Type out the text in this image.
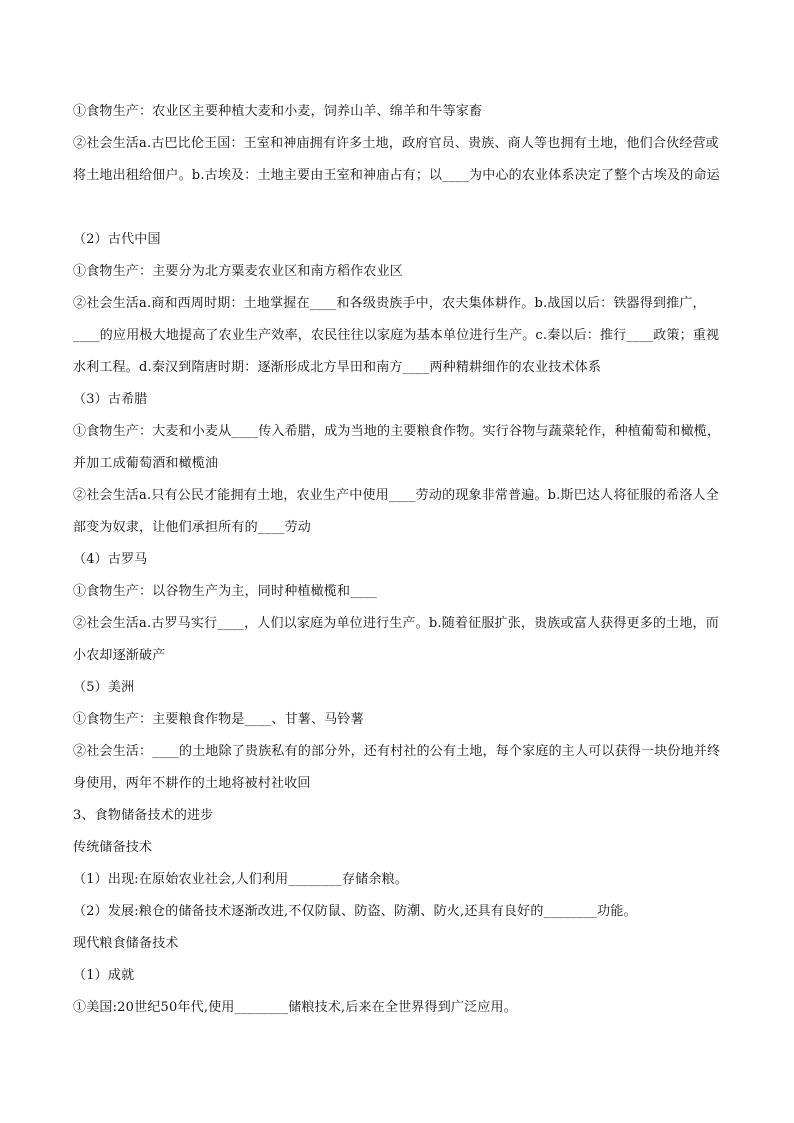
①食物生产：农业区主要种植大麦和小麦，饲养山羊、绵羊和牛等家畜

②社会生活a.古巴比伦王国：王室和神庙拥有许多土地，政府官员、贵族、商人等也拥有土地，他们合伙经营或将土地出租给佃户。b.古埃及：土地主要由王室和神庙占有；以____为中心的农业体系决定了整个古埃及的命运

（2）古代中国

①食物生产：主要分为北方粟麦农业区和南方稻作农业区

②社会生活a.商和西周时期：土地掌握在____和各级贵族手中，农夫集体耕作。b.战国以后：铁器得到推广，____的应用极大地提高了农业生产效率，农民往往以家庭为基本单位进行生产。c.秦以后：推行____政策；重视水利工程。d.秦汉到隋唐时期：逐渐形成北方旱田和南方____两种精耕细作的农业技术体系

（3）古希腊

①食物生产：大麦和小麦从____传入希腊，成为当地的主要粮食作物。实行谷物与蔬菜轮作，种植葡萄和橄榄，并加工成葡萄酒和橄榄油

②社会生活a.只有公民才能拥有土地，农业生产中使用____劳动的现象非常普遍。b.斯巴达人将征服的希洛人全部变为奴隶，让他们承担所有的____劳动

（4）古罗马

①食物生产：以谷物生产为主，同时种植橄榄和____

②社会生活a.古罗马实行____，人们以家庭为单位进行生产。b.随着征服扩张，贵族或富人获得更多的土地，而小农却逐渐破产

（5）美洲

①食物生产：主要粮食作物是____、甘薯、马铃薯

②社会生活：____的土地除了贵族私有的部分外，还有村社的公有土地，每个家庭的主人可以获得一块份地并终身使用，两年不耕作的土地将被村社收回

3、食物储备技术的进步

传统储备技术

（1）出现:在原始农业社会,人们利用________存储余粮。

（2）发展:粮仓的储备技术逐渐改进,不仅防鼠、防盗、防潮、防火,还具有良好的________功能。

现代粮食储备技术

（1）成就

①美国:20世纪50年代,使用________储粮技术,后来在全世界得到广泛应用。
